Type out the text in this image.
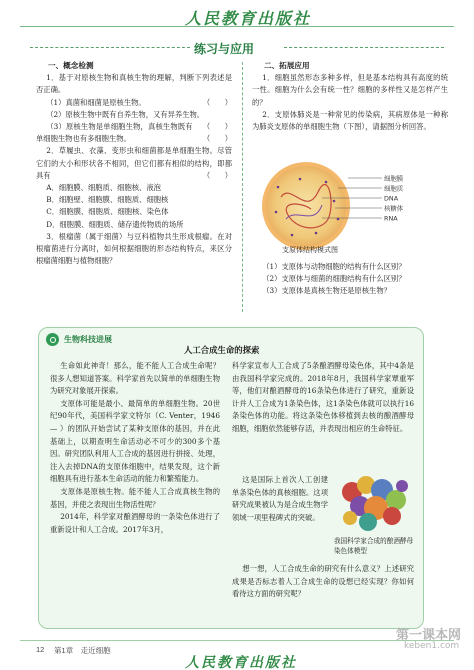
人民教育出版社
练习与应用

一、概念检测

1．基于对原核生物和真核生物的理解，判断下列表述是否正确。

（1）真菌和细菌是原核生物。	（　　）

（2）原核生物中既有自养生物，又有异养生物。
（　　）

（3）原核生物是单细胞生物，真核生物既有单细胞生物也有多细胞生物。	（　　）

2．草履虫、衣藻、变形虫和细菌都是单细胞生物。尽管它们的大小和形状各不相同，但它们都有相似的结构，即都具有	（　　）

A．细胞膜、细胞质、细胞核、液泡

B．细胞壁、细胞膜、细胞质、细胞核

C．细胞膜、细胞质、细胞核、染色体

D．细胞膜、细胞质、储存遗传物质的场所

3．根瘤菌（属于细菌）与豆科植物共生形成根瘤。在对根瘤菌进行分离时，如何根据细胞的形态结构特点，来区分根瘤菌细胞与植物细胞？

二、拓展应用

1．细胞虽然形态多种多样，但是基本结构具有高度的统一性。细胞为什么会有统一性？细胞的多样性又是怎样产生的？

2．支原体肺炎是一种常见的传染病，其病原体是一种称为肺炎支原体的单细胞生物（下图），请据图分析回答。

细胞膜
细胞质
DNA
核糖体
RNA
支原体结构模式图

（1）支原体与动物细胞的结构有什么区别？

（2）支原体与细菌的细胞结构有什么区别？

（3）支原体是真核生物还是原核生物？

生物科技进展
人工合成生命的探索

生命如此神奇！那么，能不能人工合成生命呢？很多人想知道答案。科学家首先以简单的单细胞生物为研究对象展开探索。

支原体可能是最小、最简单的单细胞生物。20世纪90年代，美国科学家文特尔（C. Venter，1946— ）的团队开始尝试了某种支原体的基因，并在此基础上，以期查明生命活动必不可少的300多个基因。研究团队利用人工合成的基因进行拼接、处理，注入去掉DNA的支原体细胞中，结果发现，这个新细胞具有进行基本生命活动的能力和繁殖能力。

支原体是原核生物。能不能人工合成真核生物的基因，并使之表现出生物活性呢？

2014年，科学家对酿酒酵母的一条染色体进行了重新设计和人工合成。2017年3月，

科学家宣布人工合成了5条酿酒酵母染色体，其中4条是由我国科学家完成的。2018年8月，我国科学家覃重军等，他们对酿酒酵母的16条染色体进行了研究，重新设计并人工合成为1条染色体，这1条染色体就可以执行16条染色体的功能。将这条染色体移植到去核的酿酒酵母细胞，细胞依然能够存活，并表现出相应的生命特征。

这是国际上首次人工创建单条染色体的真核细胞。这项研究成果被认为是合成生物学领域一项里程碑式的突破。

我国科学家合成的酿酒酵母染色体模型

想一想，人工合成生命的研究有什么意义？上述研究成果是否标志着人工合成生命的设想已经实现？你如何看待这方面的研究呢？

12 第1章　走近细胞
人民教育出版社
第一课本网
keben1.com
